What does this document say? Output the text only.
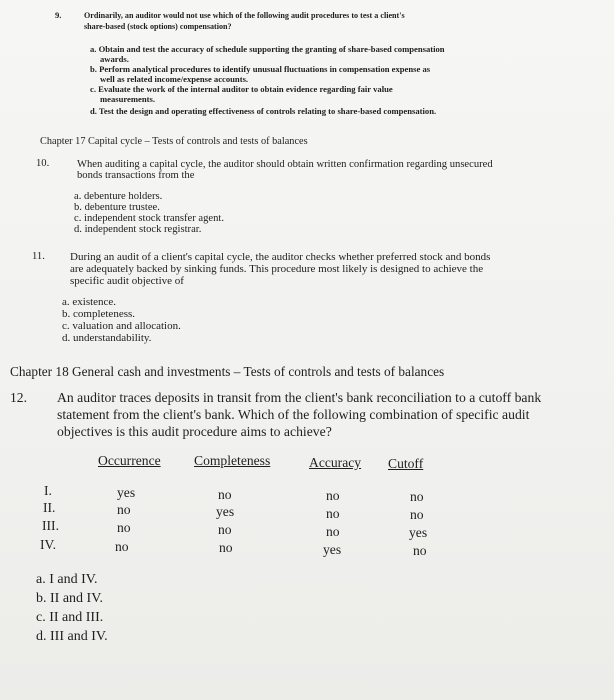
9.	Ordinarily, an auditor would not use which of the following audit procedures to test a client's
share-based (stock options) compensation?
a. Obtain and test the accuracy of schedule supporting the granting of share-based compensation
awards.
b. Perform analytical procedures to identify unusual fluctuations in compensation expense as
well as related income/expense accounts.
c. Evaluate the work of the internal auditor to obtain evidence regarding fair value
measurements.
d. Test the design and operating effectiveness of controls relating to share-based compensation.
Chapter 17 Capital cycle – Tests of controls and tests of balances
10.	When auditing a capital cycle, the auditor should obtain written confirmation regarding unsecured
bonds transactions from the
a. debenture holders.
b. debenture trustee.
c. independent stock transfer agent.
d. independent stock registrar.
11. During an audit of a client's capital cycle, the auditor checks whether preferred stock and bonds
are adequately backed by sinking funds. This procedure most likely is designed to achieve the
specific audit objective of
a. existence.
b. completeness.
c. valuation and allocation.
d. understandability.
Chapter 18 General cash and investments – Tests of controls and tests of balances
12. An auditor traces deposits in transit from the client's bank reconciliation to a cutoff bank
statement from the client's bank. Which of the following combination of specific audit
objectives is this audit procedure aims to achieve?
Occurrence Completeness	Accuracy Cutoff
I.	yes	no	no	no
II.	no	yes	no	no
III.	no	no	no	yes
IV.	no	no	yes	no
a. I and IV.
b. II and IV.
c. II and III.
d. III and IV.
